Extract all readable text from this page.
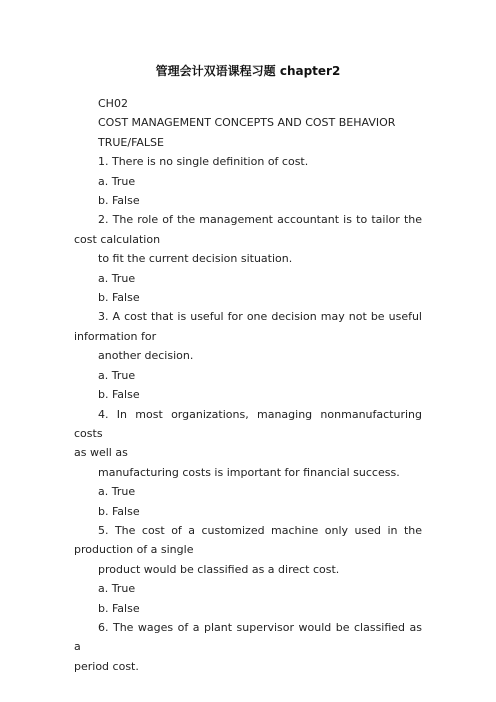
管理会计双语课程习题 chapter2

CH02

COST MANAGEMENT CONCEPTS AND COST BEHAVIOR

TRUE/FALSE

1. There is no single definition of cost.

a. True

b. False

2. The role of the management accountant is to tailor the

cost calculation

to fit the current decision situation.

a. True

b. False

3. A cost that is useful for one decision may not be useful

information for

another decision.

a. True

b. False

4. In most organizations, managing nonmanufacturing costs

as well as

manufacturing costs is important for financial success.

a. True

b. False

5. The cost of a customized machine only used in the

production of a single

product would be classified as a direct cost.

a. True

b. False

6. The wages of a plant supervisor would be classified as a

period cost.
